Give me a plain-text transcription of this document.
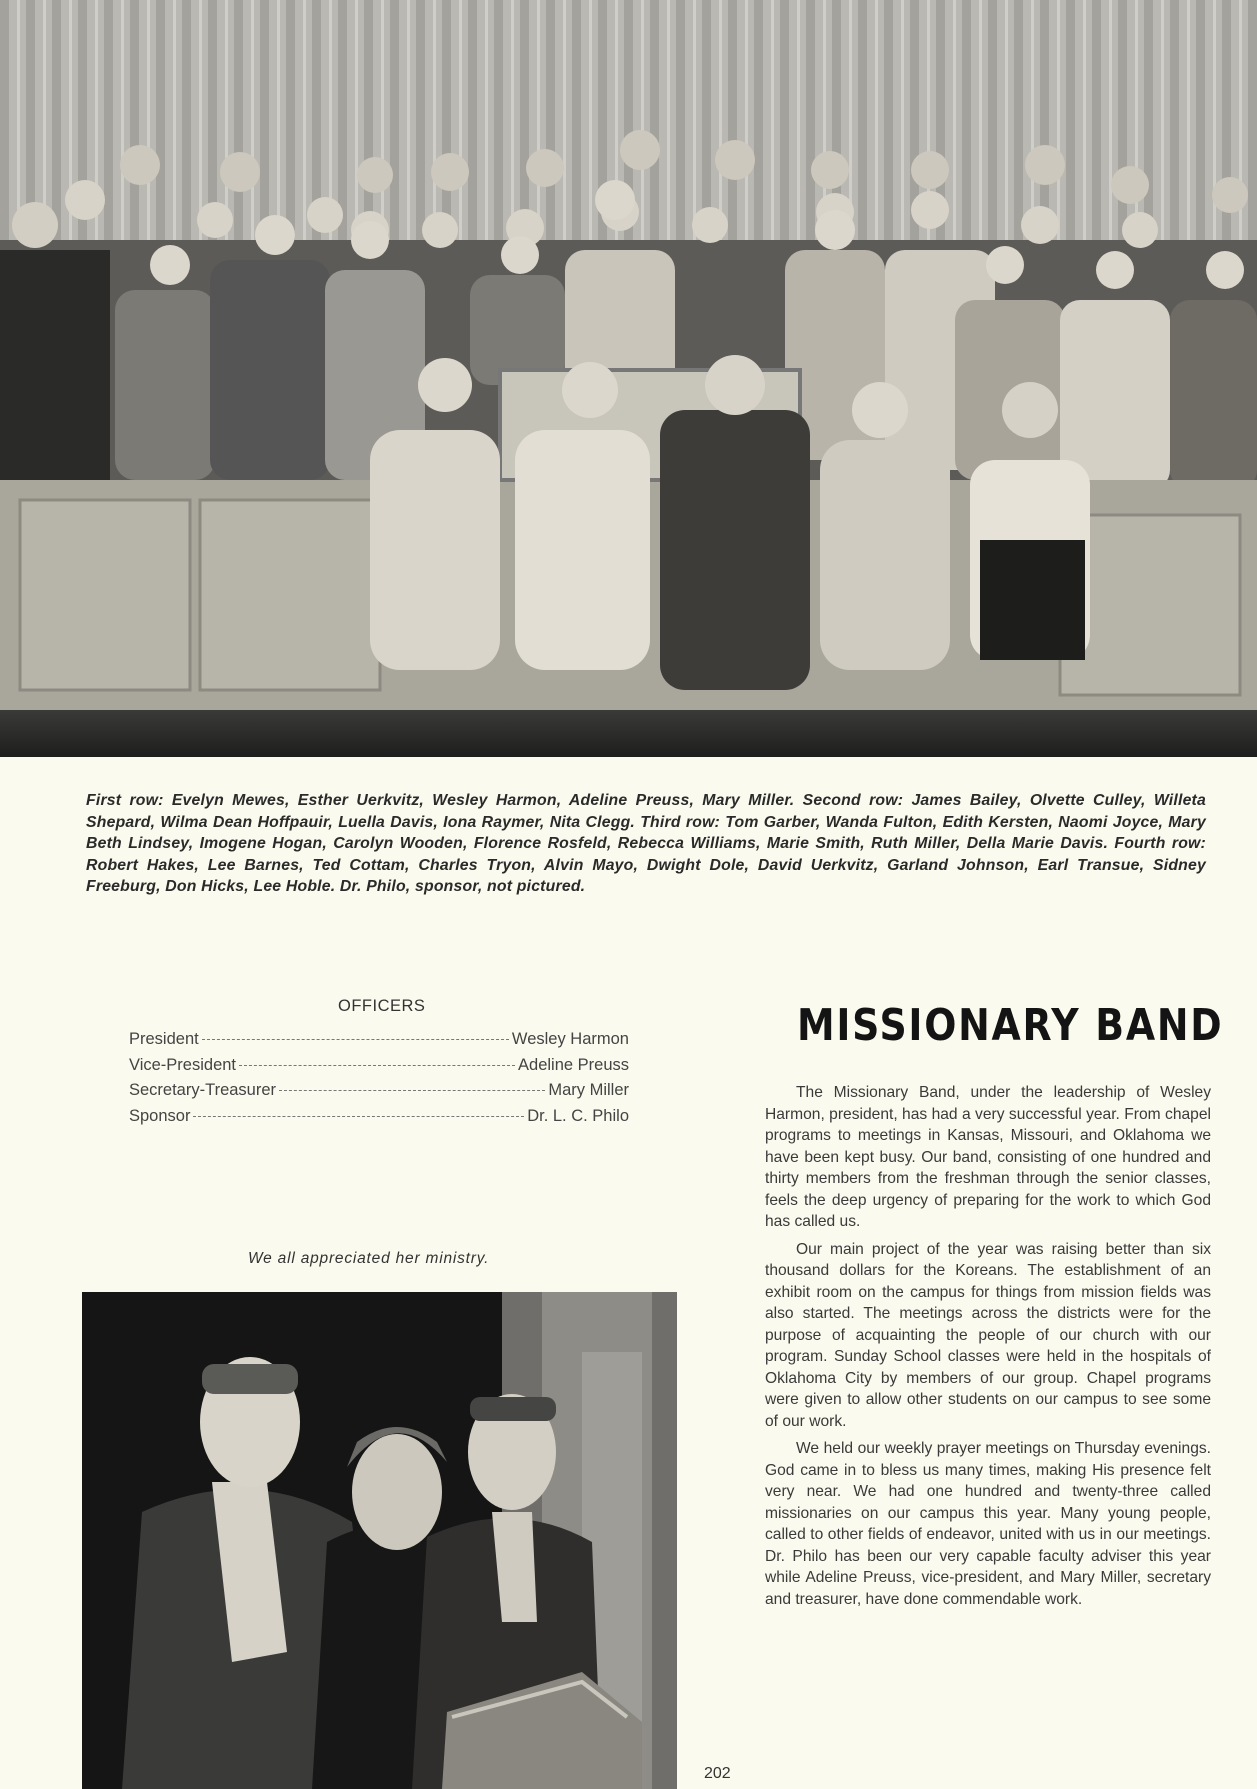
First row: Evelyn Mewes, Esther Uerkvitz, Wesley Harmon, Adeline Preuss, Mary Miller. Second row: James Bailey, Olvette Culley, Willeta Shepard, Wilma Dean Hoffpauir, Luella Davis, Iona Raymer, Nita Clegg. Third row: Tom Garber, Wanda Fulton, Edith Kersten, Naomi Joyce, Mary Beth Lindsey, Imogene Hogan, Carolyn Wooden, Florence Rosfeld, Rebecca Williams, Marie Smith, Ruth Miller, Della Marie Davis. Fourth row: Robert Hakes, Lee Barnes, Ted Cottam, Charles Tryon, Alvin Mayo, Dwight Dole, David Uerkvitz, Garland Johnson, Earl Transue, Sidney Freeburg, Don Hicks, Lee Hoble. Dr. Philo, sponsor, not pictured.
OFFICERS
President	Wesley Harmon
Vice-President	Adeline Preuss
Secretary-Treasurer	Mary Miller
Sponsor	Dr. L. C. Philo
We all appreciated her ministry.
MISSIONARY BAND

The Missionary Band, under the leadership of Wesley Harmon, president, has had a very successful year. From chapel programs to meetings in Kansas, Missouri, and Oklahoma we have been kept busy. Our band, consisting of one hundred and thirty members from the freshman through the senior classes, feels the deep urgency of preparing for the work to which God has called us.

Our main project of the year was raising better than six thousand dollars for the Koreans. The establishment of an exhibit room on the campus for things from mission fields was also started. The meetings across the districts were for the purpose of acquainting the people of our church with our program. Sunday School classes were held in the hospitals of Oklahoma City by members of our group. Chapel programs were given to allow other students on our campus to see some of our work.

We held our weekly prayer meetings on Thursday evenings. God came in to bless us many times, making His presence felt very near. We had one hundred and twenty-three called missionaries on our campus this year. Many young people, called to other fields of endeavor, united with us in our meetings. Dr. Philo has been our very capable faculty adviser this year while Adeline Preuss, vice-president, and Mary Miller, secretary and treasurer, have done commendable work.

202
